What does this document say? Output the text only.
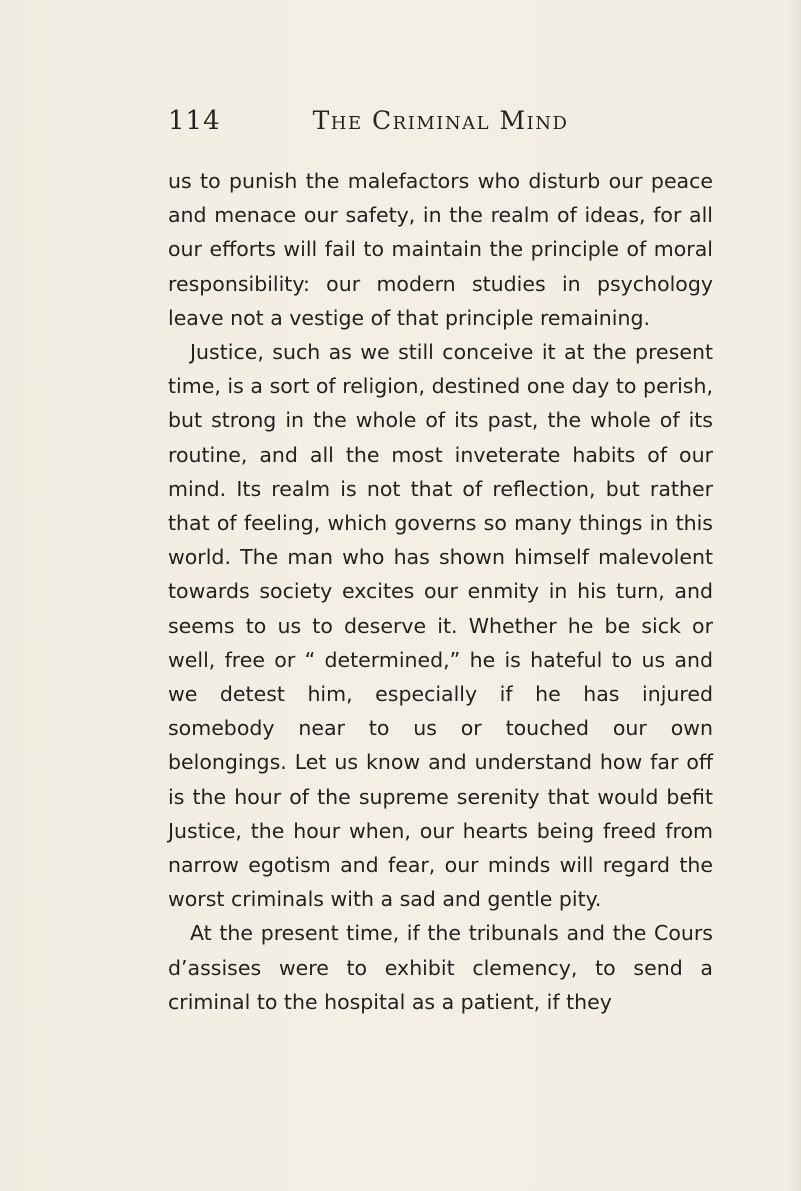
114	The Criminal Mind

us to punish the malefactors who disturb our peace and menace our safety, in the realm of ideas, for all our efforts will fail to maintain the principle of moral responsibility: our modern studies in psychology leave not a vestige of that principle remaining.

Justice, such as we still conceive it at the present time, is a sort of religion, destined one day to perish, but strong in the whole of its past, the whole of its routine, and all the most inveterate habits of our mind. Its realm is not that of reflection, but rather that of feeling, which governs so many things in this world. The man who has shown himself malevolent towards society excites our enmity in his turn, and seems to us to deserve it. Whether he be sick or well, free or “ determined,” he is hateful to us and we detest him, especially if he has injured somebody near to us or touched our own belongings. Let us know and understand how far off is the hour of the supreme serenity that would befit Justice, the hour when, our hearts being freed from narrow egotism and fear, our minds will regard the worst criminals with a sad and gentle pity.

At the present time, if the tribunals and the Cours d’assises were to exhibit clemency, to send a criminal to the hospital as a patient, if they
